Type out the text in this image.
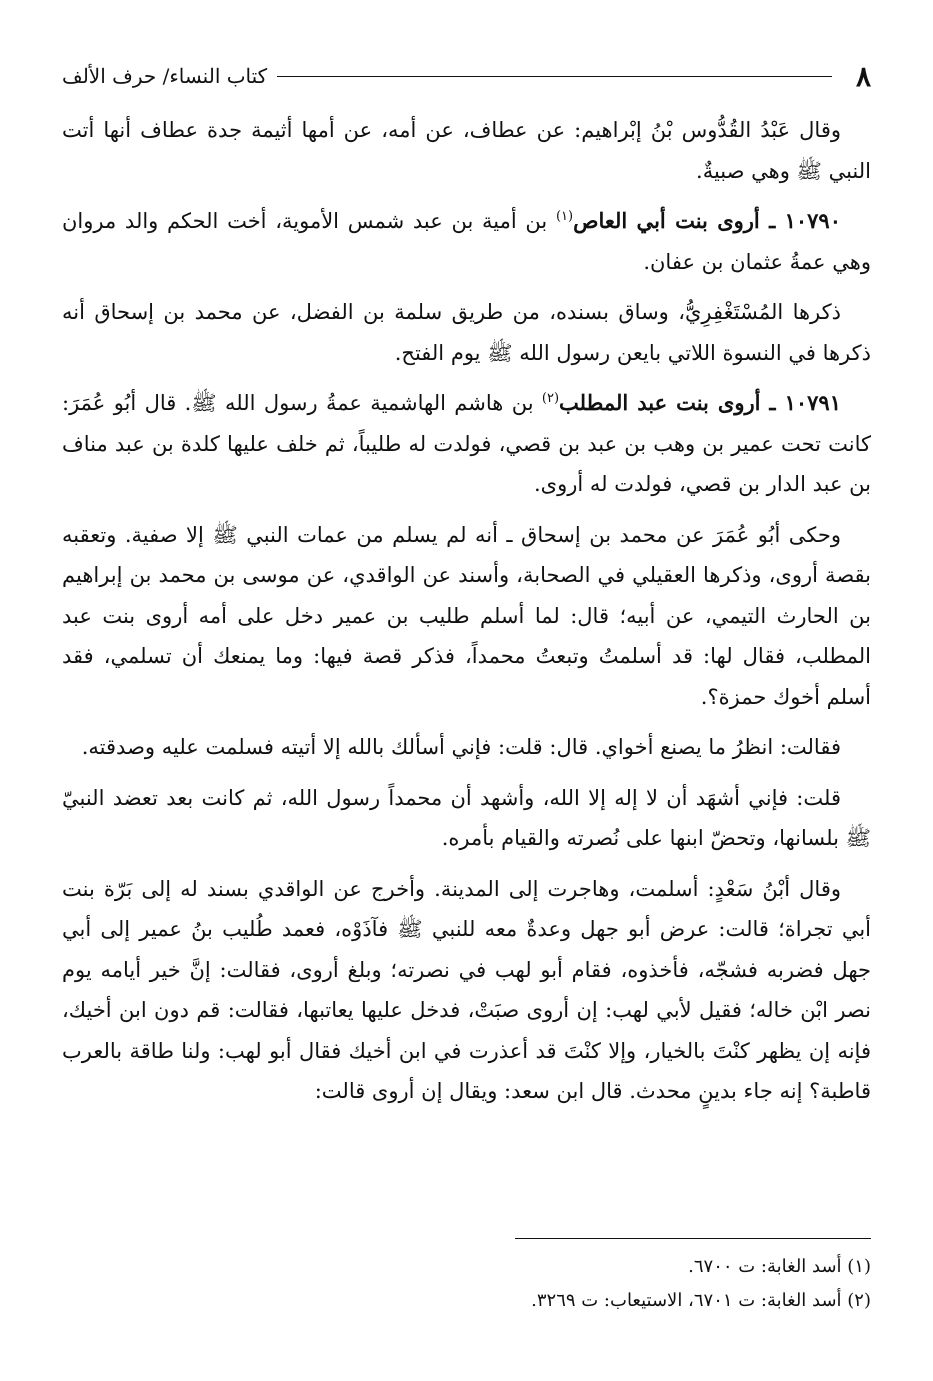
٨
كتاب النساء/ حرف الألف

وقال عَبْدُ القُدُّوس بْنُ إبْراهيم: عن عطاف، عن أمه، عن أمها أثيمة جدة عطاف أنها أتت النبي ﷺ وهي صبيةٌ.

١٠٧٩٠ ـ أروى بنت أبي العاص$^{(١)}$ بن أمية بن عبد شمس الأموية، أخت الحكم والد مروان وهي عمةُ عثمان بن عفان.

ذكرها المُسْتَغْفِرِيُّ، وساق بسنده، من طريق سلمة بن الفضل، عن محمد بن إسحاق أنه ذكرها في النسوة اللاتي بايعن رسول الله ﷺ يوم الفتح.

١٠٧٩١ ـ أروى بنت عبد المطلب$^{(٢)}$ بن هاشم الهاشمية عمةُ رسول الله ﷺ. قال أبُو عُمَرَ: كانت تحت عمير بن وهب بن عبد بن قصي، فولدت له طليباً، ثم خلف عليها كلدة بن عبد مناف بن عبد الدار بن قصي، فولدت له أروى.

وحكى أبُو عُمَرَ عن محمد بن إسحاق ـ أنه لم يسلم من عمات النبي ﷺ إلا صفية. وتعقبه بقصة أروى، وذكرها العقيلي في الصحابة، وأسند عن الواقدي، عن موسى بن محمد بن إبراهيم بن الحارث التيمي، عن أبيه؛ قال: لما أسلم طليب بن عمير دخل على أمه أروى بنت عبد المطلب، فقال لها: قد أسلمتُ وتبعتُ محمداً، فذكر قصة فيها: وما يمنعك أن تسلمي، فقد أسلم أخوك حمزة؟.

فقالت: انظرُ ما يصنع أخواي. قال: قلت: فإني أسألك بالله إلا أتيته فسلمت عليه وصدقته.

قلت: فإني أشهَد أن لا إله إلا الله، وأشهد أن محمداً رسول الله، ثم كانت بعد تعضد النبيّ ﷺ بلسانها، وتحضّ ابنها على نُصرته والقيام بأمره.

وقال أبْنُ سَعْدٍ: أسلمت، وهاجرت إلى المدينة. وأخرج عن الواقدي بسند له إلى بَرّة بنت أبي تجراة؛ قالت: عرض أبو جهل وعدةٌ معه للنبي ﷺ فآذَوْه، فعمد طُليب بنُ عمير إلى أبي جهل فضربه فشجّه، فأخذوه، فقام أبو لهب في نصرته؛ وبلغ أروى، فقالت: إنَّ خير أيامه يوم نصر ابْن خاله؛ فقيل لأبي لهب: إن أروى صبَتْ، فدخل عليها يعاتبها، فقالت: قم دون ابن أخيك، فإنه إن يظهر كنْتَ بالخيار، وإلا كنْتَ قد أعذرت في ابن أخيك فقال أبو لهب: ولنا طاقة بالعرب قاطبة؟ إنه جاء بدينٍ محدث. قال ابن سعد: ويقال إن أروى قالت:

(١) أسد الغابة: ت ٦٧٠٠.
(٢) أسد الغابة: ت ٦٧٠١، الاستيعاب: ت ٣٢٦٩.
